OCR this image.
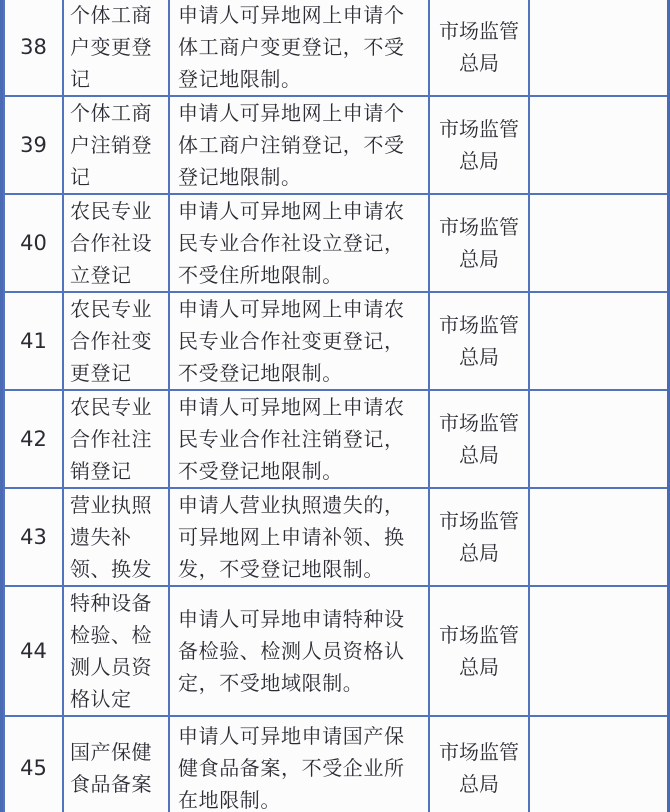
38	个体工商户变更登记	申请人可异地网上申请个体工商户变更登记，不受登记地限制。	市场监管总局	

39	个体工商户注销登记	申请人可异地网上申请个体工商户注销登记，不受登记地限制。	市场监管总局	

40	农民专业合作社设立登记	申请人可异地网上申请农民专业合作社设立登记，不受住所地限制。	市场监管总局	

41	农民专业合作社变更登记	申请人可异地网上申请农民专业合作社变更登记，不受登记地限制。	市场监管总局	

42	农民专业合作社注销登记	申请人可异地网上申请农民专业合作社注销登记，不受登记地限制。	市场监管总局	

43	营业执照遗失补领、换发	申请人营业执照遗失的，可异地网上申请补领、换发，不受登记地限制。	市场监管总局	

44	特种设备检验、检测人员资格认定	申请人可异地申请特种设备检验、检测人员资格认定，不受地域限制。	市场监管总局	

45	国产保健食品备案	申请人可异地申请国产保健食品备案，不受企业所在地限制。	市场监管总局	
